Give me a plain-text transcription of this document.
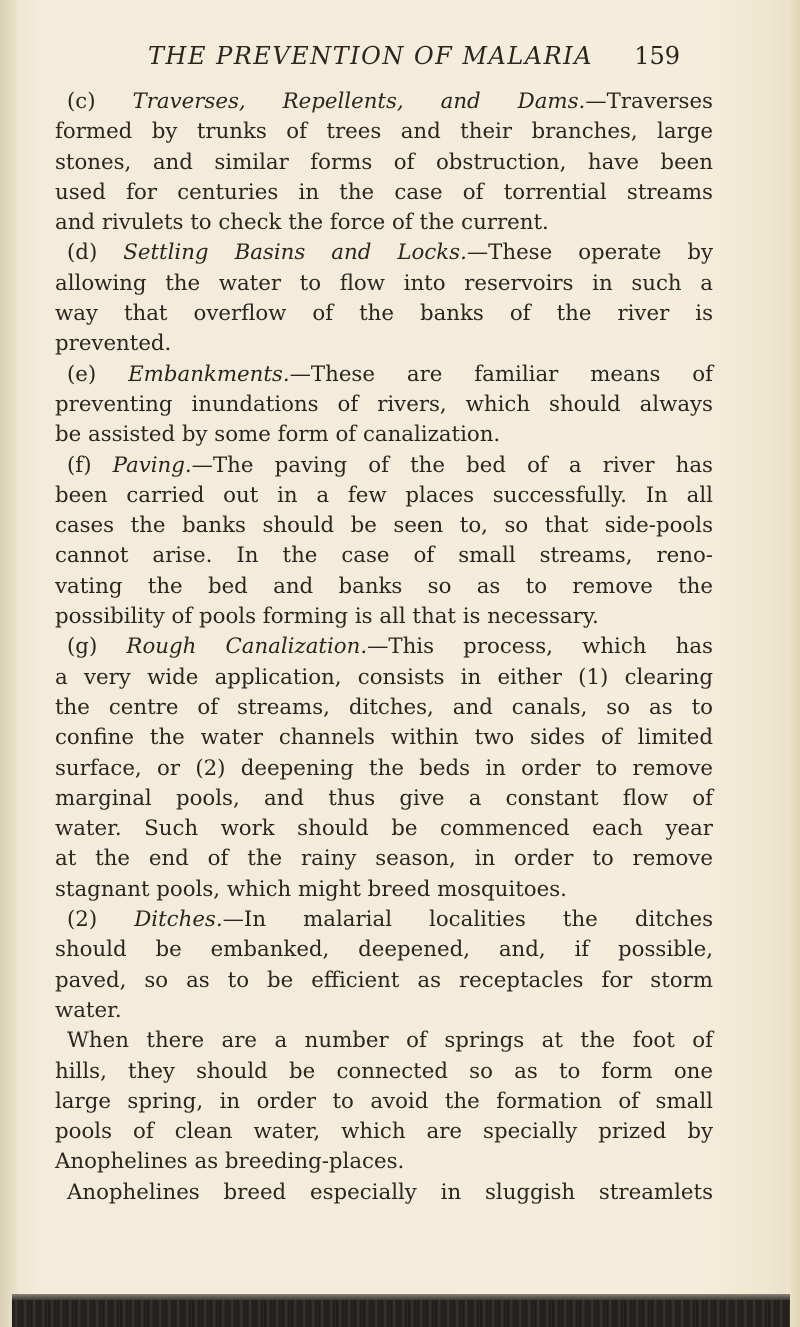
THE PREVENTION OF MALARIA 159
(c) Traverses, Repellents, and Dams.—Traverses
formed by trunks of trees and their branches, large
stones, and similar forms of obstruction, have been
used for centuries in the case of torrential streams
and rivulets to check the force of the current.
(d) Settling Basins and Locks.—These operate by
allowing the water to flow into reservoirs in such a
way that overflow of the banks of the river is
prevented.
(e) Embankments.—These are familiar means of
preventing inundations of rivers, which should always
be assisted by some form of canalization.
(f) Paving.—The paving of the bed of a river has
been carried out in a few places successfully. In all
cases the banks should be seen to, so that side-pools
cannot arise. In the case of small streams, reno-
vating the bed and banks so as to remove the
possibility of pools forming is all that is necessary.
(g) Rough Canalization.—This process, which has
a very wide application, consists in either (1) clearing
the centre of streams, ditches, and canals, so as to
confine the water channels within two sides of limited
surface, or (2) deepening the beds in order to remove
marginal pools, and thus give a constant flow of
water. Such work should be commenced each year
at the end of the rainy season, in order to remove
stagnant pools, which might breed mosquitoes.
(2) Ditches.—In malarial localities the ditches
should be embanked, deepened, and, if possible,
paved, so as to be efficient as receptacles for storm
water.
When there are a number of springs at the foot of
hills, they should be connected so as to form one
large spring, in order to avoid the formation of small
pools of clean water, which are specially prized by
Anophelines as breeding-places.
Anophelines breed especially in sluggish streamlets
